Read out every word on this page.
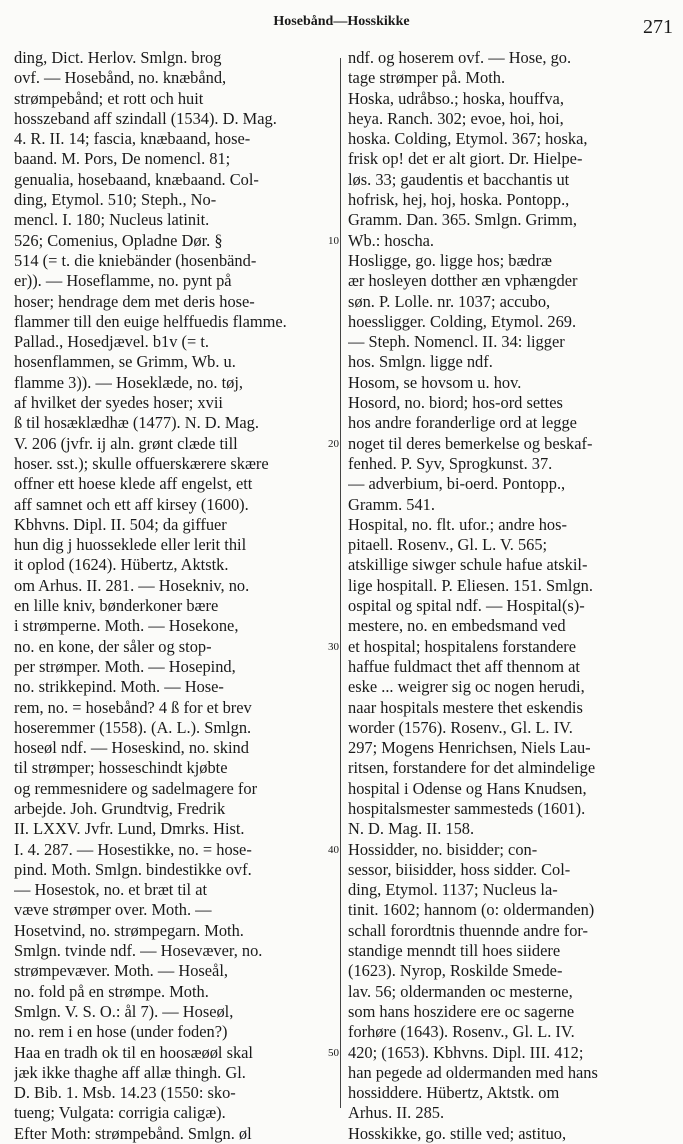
Hosebånd—Hosskikke	271
ding, Dict. Herlov. Smlgn. brog
ovf. — Hosebånd, no. knæbånd,
strømpebånd; et rott och huit
hosszeband aff szindall (1534). D. Mag.
4. R. II. 14; fascia, knæbaand, hose-
baand. M. Pors, De nomencl. 81;
genualia, hosebaand, knæbaand. Col-
ding, Etymol. 510; Steph., No-
mencl. I. 180; Nucleus latinit.
526; Comenius, Opladne Dør. §
514 (= t. die kniebänder (hosenbänd-
er)). — Hoseflamme, no. pynt på
hoser; hendrage dem met deris hose-
flammer till den euige helffuedis flamme.
Pallad., Hosedjævel. b1v (= t.
hosenflammen, se Grimm, Wb. u.
flamme 3)). — Hoseklæde, no. tøj,
af hvilket der syedes hoser; xvii
ß til hosæklædhæ (1477). N. D. Mag.
V. 206 (jvfr. ij aln. grønt clæde till
hoser. sst.); skulle offuerskærere skære
offner ett hoese klede aff engelst, ett
aff samnet och ett aff kirsey (1600).
Kbhvns. Dipl. II. 504; da giffuer
hun dig j huosseklede eller lerit thil
it oplod (1624). Hübertz, Aktstk.
om Arhus. II. 281. — Hosekniv, no.
en lille kniv, bønderkoner bære
i strømperne. Moth. — Hosekone,
no. en kone, der såler og stop-
per strømper. Moth. — Hosepind,
no. strikkepind. Moth. — Hose-
rem, no. = hosebånd? 4 ß for et brev
hoseremmer (1558). (A. L.). Smlgn.
hoseøl ndf. — Hoseskind, no. skind
til strømper; hosseschindt kjøbte
og remmesnidere og sadelmagere for
arbejde. Joh. Grundtvig, Fredrik
II. LXXV. Jvfr. Lund, Dmrks. Hist.
I. 4. 287. — Hosestikke, no. = hose-
pind. Moth. Smlgn. bindestikke ovf.
— Hosestok, no. et bræt til at
væve strømper over. Moth. —
Hosetvind, no. strømpegarn. Moth.
Smlgn. tvinde ndf. — Hosevæver, no.
strømpevæver. Moth. — Hoseål,
no. fold på en strømpe. Moth.
Smlgn. V. S. O.: ål 7). — Hoseøl,
no. rem i en hose (under foden?)
Haa en tradh ok til en hoosæøøl skal
jæk ikke thaghe aff allæ thingh. Gl.
D. Bib. 1. Msb. 14.23 (1550: sko-
tueng; Vulgata: corrigia caligæ).
Efter Moth: strømpebånd. Smlgn. øl
ndf. og hoserem ovf. — Hose, go.
tage strømper på. Moth.
Hoska, udråbso.; hoska, houffva,
heya. Ranch. 302; evoe, hoi, hoi,
hoska. Colding, Etymol. 367; hoska,
frisk op! det er alt giort. Dr. Hielpe-
løs. 33; gaudentis et bacchantis ut
hofrisk, hej, hoj, hoska. Pontopp.,
Gramm. Dan. 365. Smlgn. Grimm,
Wb.: hoscha.
Hosligge, go. ligge hos; bædræ
ær hosleyen dotther æn vphængder
søn. P. Lolle. nr. 1037; accubo,
hoessligger. Colding, Etymol. 269.
— Steph. Nomencl. II. 34: ligger
hos. Smlgn. ligge ndf.
Hosom, se hovsom u. hov.
Hosord, no. biord; hos-ord settes
hos andre foranderlige ord at legge
noget til deres bemerkelse og beskaf-
fenhed. P. Syv, Sprogkunst. 37.
— adverbium, bi-oerd. Pontopp.,
Gramm. 541.
Hospital, no. flt. ufor.; andre hos-
pitaell. Rosenv., Gl. L. V. 565;
atskillige siwger schule hafue atskil-
lige hospitall. P. Eliesen. 151. Smlgn.
ospital og spital ndf. — Hospital(s)-
mestere, no. en embedsmand ved
et hospital; hospitalens forstandere
haffue fuldmact thet aff thennom at
eske ... weigrer sig oc nogen herudi,
naar hospitals mestere thet eskendis
worder (1576). Rosenv., Gl. L. IV.
297; Mogens Henrichsen, Niels Lau-
ritsen, forstandere for det almindelige
hospital i Odense og Hans Knudsen,
hospitalsmester sammesteds (1601).
N. D. Mag. II. 158.
Hossidder, no. bisidder; con-
sessor, biisidder, hoss sidder. Col-
ding, Etymol. 1137; Nucleus la-
tinit. 1602; hannom (o: oldermanden)
schall forordtnis thuennde andre for-
standige menndt till hoes siidere
(1623). Nyrop, Roskilde Smede-
lav. 56; oldermanden oc mesterne,
som hans hoszidere ere oc sagerne
forhøre (1643). Rosenv., Gl. L. IV.
420; (1653). Kbhvns. Dipl. III. 412;
han pegede ad oldermanden med hans
hossiddere. Hübertz, Aktstk. om
Arhus. II. 285.
Hosskikke, go. stille ved; astituo,
10
20
30
40
50
